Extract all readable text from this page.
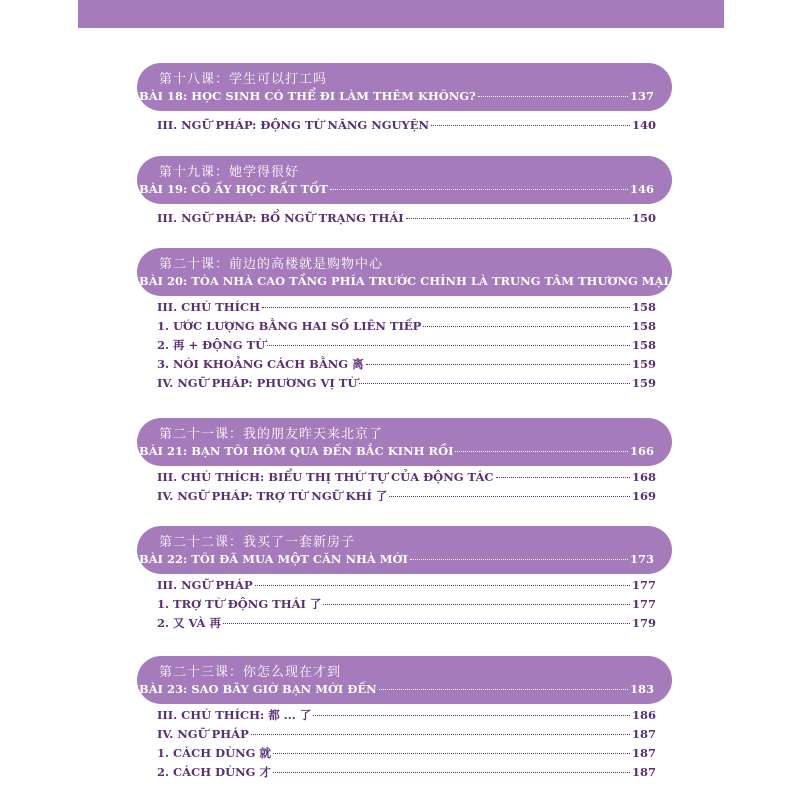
第十八课：学生可以打工吗
BÀI 18: HỌC SINH CÓ THỂ ĐI LÀM THÊM KHÔNG?	137
III. NGỮ PHÁP: ĐỘNG TỪ NĂNG NGUYỆN	140
第十九课：她学得很好
BÀI 19: CÔ ẤY HỌC RẤT TỐT	146
III. NGỮ PHÁP: BỔ NGỮ TRẠNG THÁI	150
第二十课：前边的高楼就是购物中心
BÀI 20: TÒA NHÀ CAO TẦNG PHÍA TRƯỚC CHÍNH LÀ TRUNG TÂM THƯƠNG MẠI 155
III. CHÚ THÍCH	158
1. ƯỚC LƯỢNG BẰNG HAI SỐ LIÊN TIẾP	158
2. 再 + ĐỘNG TỪ	158
3. NÓI KHOẢNG CÁCH BẰNG 离	159
IV. NGỮ PHÁP: PHƯƠNG VỊ TỪ	159
第二十一课：我的朋友昨天来北京了
BÀI 21: BẠN TÔI HÔM QUA ĐẾN BẮC KINH RỒI	166
III. CHÚ THÍCH: BIỂU THỊ THỨ TỰ CỦA ĐỘNG TÁC	168
IV. NGỮ PHÁP: TRỢ TỪ NGỮ KHÍ 了	169
第二十二课：我买了一套新房子
BÀI 22: TÔI ĐÃ MUA MỘT CĂN NHÀ MỚI	173
III. NGỮ PHÁP	177
1. TRỢ TỪ ĐỘNG THÁI 了	177
2. 又 VÀ 再	179
第二十三课：你怎么现在才到
BÀI 23: SAO BÂY GIỜ BẠN MỚI ĐẾN	183
III. CHÚ THÍCH: 都 ... 了	186
IV. NGỮ PHÁP	187
1. CÁCH DÙNG 就	187
2. CÁCH DÙNG 才	187
